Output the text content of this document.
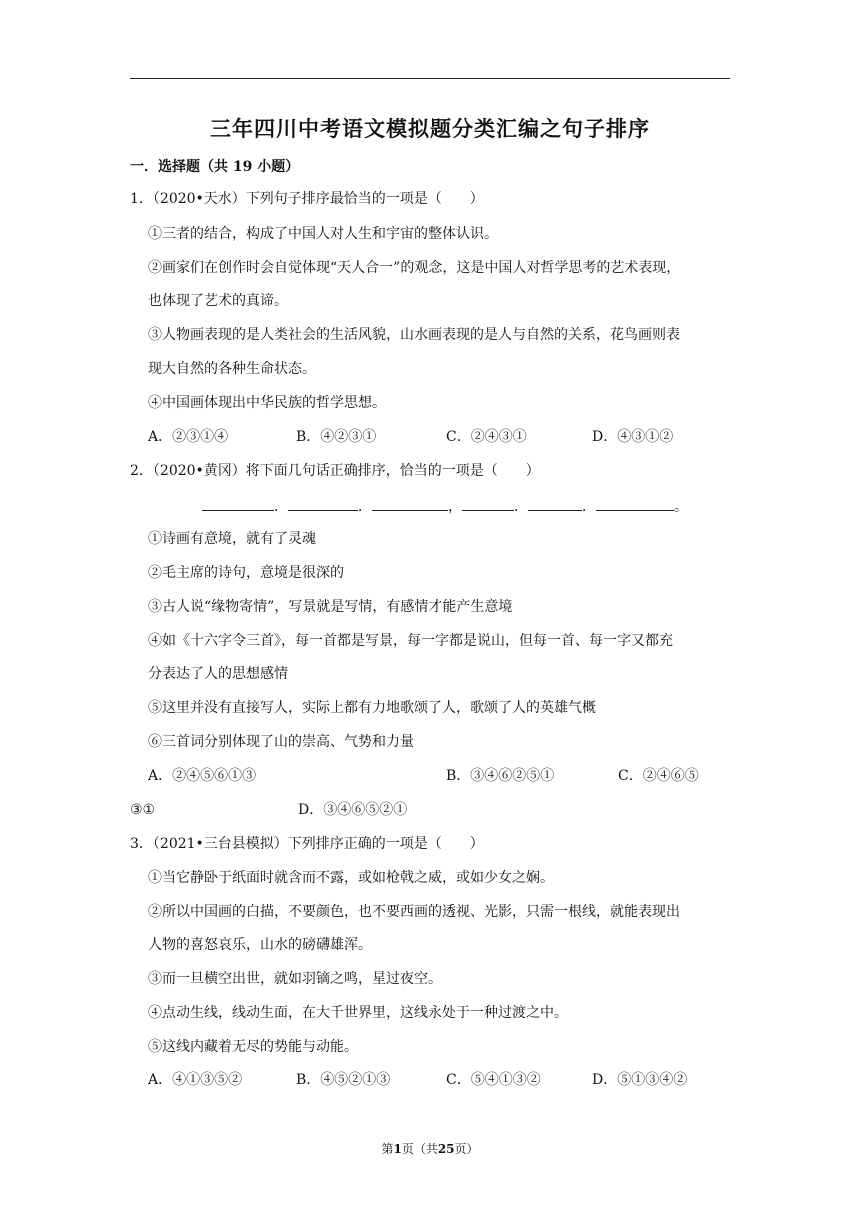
三年四川中考语文模拟题分类汇编之句子排序
一．选择题（共 19 小题）
1．（2020•天水）下列句子排序最恰当的一项是（　　）
①三者的结合，构成了中国人对人生和宇宙的整体认识。
②画家们在创作时会自觉体现“天人合一”的观念，这是中国人对哲学思考的艺术表现，
也体现了艺术的真谛。
③人物画表现的是人类社会的生活风貌，山水画表现的是人与自然的关系，花鸟画则表
现大自然的各种生命状态。
④中国画体现出中华民族的哲学思想。
A．②③①④	B．④②③①	C．②④③①	D．④③①②
2．（2020•黄冈）将下面几句话正确排序，恰当的一项是（　　）
．	．	，	．	．	。
①诗画有意境，就有了灵魂
②毛主席的诗句，意境是很深的
③古人说“缘物寄情”，写景就是写情，有感情才能产生意境
④如《十六字令三首》，每一首都是写景，每一字都是说山，但每一首、每一字又都充
分表达了人的思想感情
⑤这里并没有直接写人，实际上都有力地歌颂了人，歌颂了人的英雄气概
⑥三首词分别体现了山的崇高、气势和力量
A．②④⑤⑥①③	B．③④⑥②⑤①	C．②④⑥⑤
③①	D．③④⑥⑤②①
3．（2021•三台县模拟）下列排序正确的一项是（　　）
①当它静卧于纸面时就含而不露，或如枪戟之威，或如少女之娴。
②所以中国画的白描，不要颜色，也不要西画的透视、光影，只需一根线，就能表现出
人物的喜怒哀乐，山水的磅礴雄浑。
③而一旦横空出世，就如羽镝之鸣，星过夜空。
④点动生线，线动生面，在大千世界里，这线永处于一种过渡之中。
⑤这线内藏着无尽的势能与动能。
A．④①③⑤②	B．④⑤②①③	C．⑤④①③②	D．⑤①③④②
第1页（共25页）
